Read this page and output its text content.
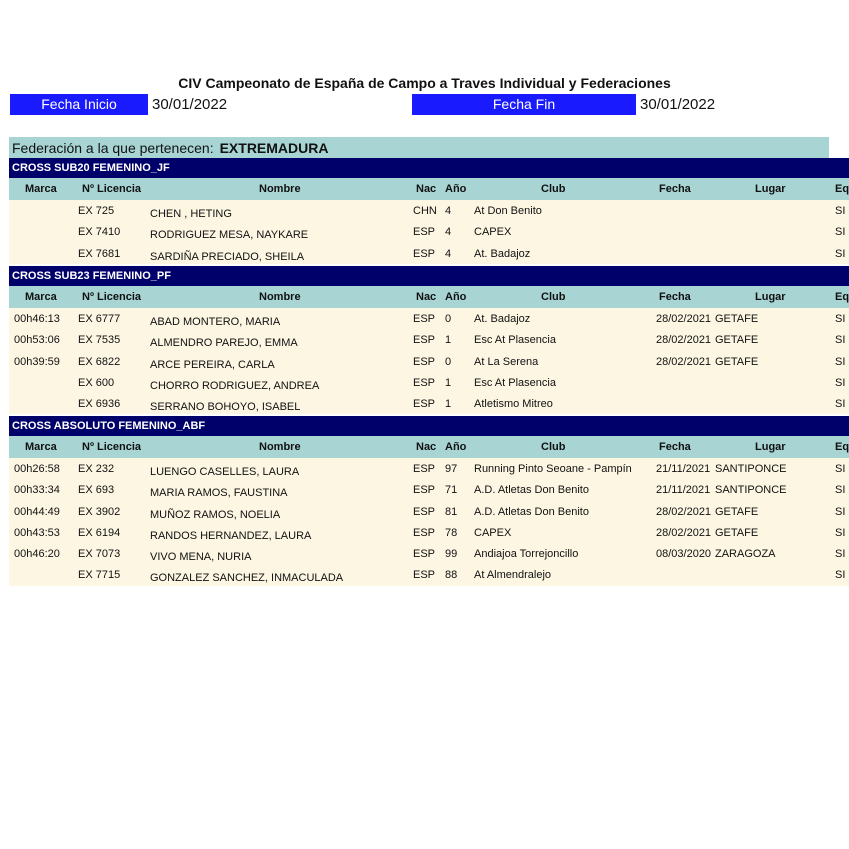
CIV Campeonato de España de Campo a Traves Individual y Federaciones
Fecha Inicio	30/01/2022	Fecha Fin	30/01/2022
Federación a la que pertenecen: EXTREMADURA
CROSS SUB20 FEMENINO_JF
Marca Nº Licencia	Nombre	Nac Año	Club	Fecha	Lugar	Eq
EX 725	CHEN , HETING	CHN 4 At Don Benito	SI
EX 7410	RODRIGUEZ MESA, NAYKARE	ESP 4 CAPEX	SI
EX 7681	SARDIÑA PRECIADO, SHEILA	ESP 4 At. Badajoz	SI
CROSS SUB23 FEMENINO_PF
Marca Nº Licencia	Nombre	Nac Año	Club	Fecha	Lugar	Eq
00h46:13 EX 6777	ABAD MONTERO, MARIA	ESP 0 At. Badajoz	28/02/2021 GETAFE	SI
00h53:06 EX 7535	ALMENDRO PAREJO, EMMA	ESP 1 Esc At Plasencia	28/02/2021 GETAFE	SI
00h39:59 EX 6822	ARCE PEREIRA, CARLA	ESP 0 At La Serena	28/02/2021 GETAFE	SI
EX 600	CHORRO RODRIGUEZ, ANDREA	ESP 1 Esc At Plasencia	SI
EX 6936	SERRANO BOHOYO, ISABEL	ESP 1 Atletismo Mitreo	SI
CROSS ABSOLUTO FEMENINO_ABF
Marca Nº Licencia	Nombre	Nac Año	Club	Fecha	Lugar	Eq
00h26:58 EX 232	LUENGO CASELLES, LAURA	ESP 97 Running Pinto Seoane - Pampín 21/11/2021 SANTIPONCE	SI
00h33:34 EX 693	MARIA RAMOS, FAUSTINA	ESP 71 A.D. Atletas Don Benito	21/11/2021 SANTIPONCE	SI
00h44:49 EX 3902	MUÑOZ RAMOS, NOELIA	ESP 81 A.D. Atletas Don Benito	28/02/2021 GETAFE	SI
00h43:53 EX 6194	RANDOS HERNANDEZ, LAURA	ESP 78 CAPEX	28/02/2021 GETAFE	SI
00h46:20 EX 7073	VIVO MENA, NURIA	ESP 99 Andiajoa Torrejoncillo	08/03/2020 ZARAGOZA	SI
EX 7715	GONZALEZ SANCHEZ, INMACULADA	ESP 88 At Almendralejo	SI
